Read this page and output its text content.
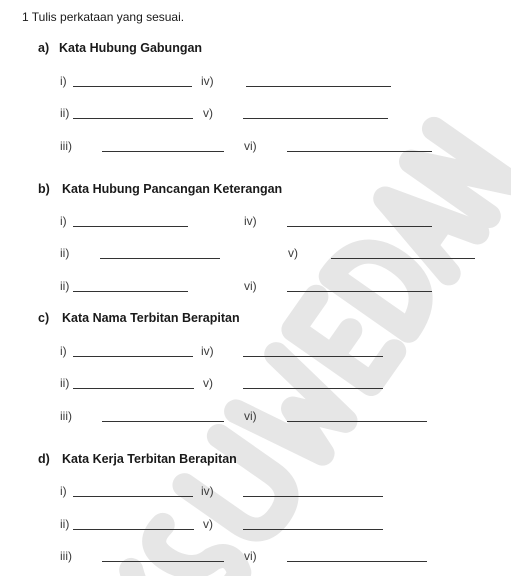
1 Tulis perkataan yang sesuai.
a) Kata Hubung Gabungan
i)	iv)
ii)	v)
iii)	vi)
b) Kata Hubung Pancangan Keterangan
i)	iv)
ii)	v)
ii)	vi)
c) Kata Nama Terbitan Berapitan
i)	iv)
ii)	v)
iii)	vi)
d) Kata Kerja Terbitan Berapitan
i)	iv)
ii)	v)
iii)	vi)
